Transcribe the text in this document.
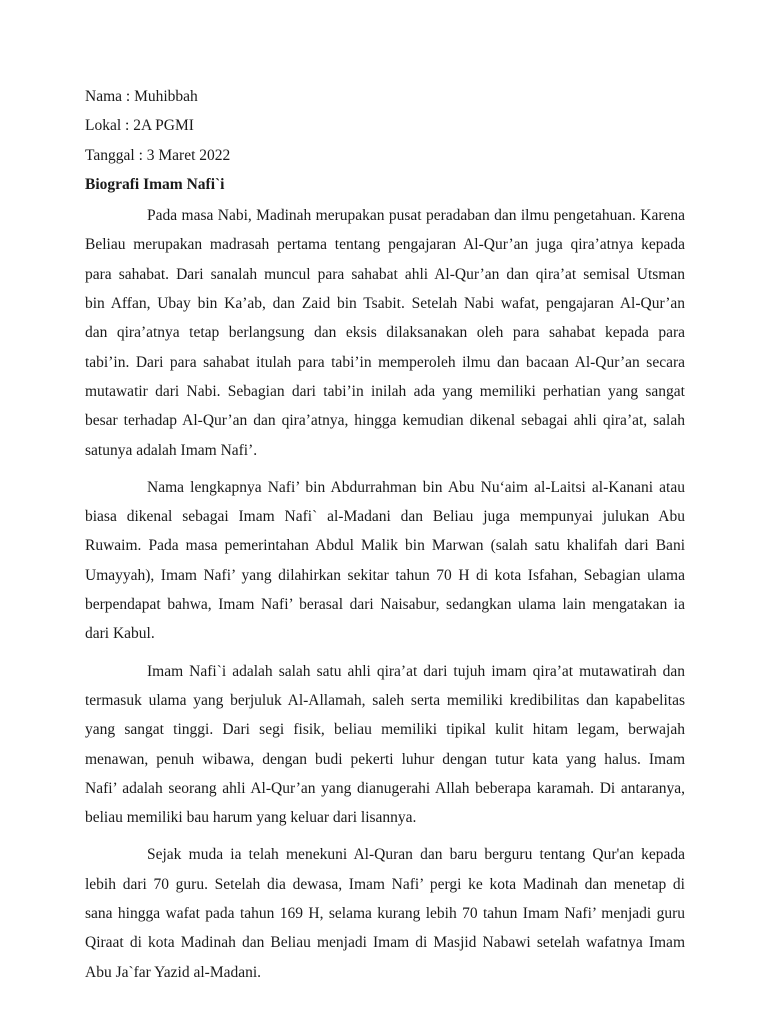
Nama : Muhibbah
Lokal : 2A PGMI
Tanggal : 3 Maret 2022
Biografi Imam Nafi`i
Pada masa Nabi, Madinah merupakan pusat peradaban dan ilmu pengetahuan. Karena
Beliau merupakan madrasah pertama tentang pengajaran Al-Qur’an juga qira’atnya kepada
para sahabat. Dari sanalah muncul para sahabat ahli Al-Qur’an dan qira’at semisal Utsman
bin Affan, Ubay bin Ka’ab, dan Zaid bin Tsabit. Setelah Nabi wafat, pengajaran Al-Qur’an
dan qira’atnya tetap berlangsung dan eksis dilaksanakan oleh para sahabat kepada para
tabi’in. Dari para sahabat itulah para tabi’in memperoleh ilmu dan bacaan Al-Qur’an secara
mutawatir dari Nabi. Sebagian dari tabi’in inilah ada yang memiliki perhatian yang sangat
besar terhadap Al-Qur’an dan qira’atnya, hingga kemudian dikenal sebagai ahli qira’at, salah
satunya adalah Imam Nafi’.
Nama lengkapnya Nafi’ bin Abdurrahman bin Abu Nu‘aim al-Laitsi al-Kanani atau
biasa dikenal sebagai Imam Nafi` al-Madani dan Beliau juga mempunyai julukan Abu
Ruwaim. Pada masa pemerintahan Abdul Malik bin Marwan (salah satu khalifah dari Bani
Umayyah), Imam Nafi’ yang dilahirkan sekitar tahun 70 H di kota Isfahan, Sebagian ulama
berpendapat bahwa, Imam Nafi’ berasal dari Naisabur, sedangkan ulama lain mengatakan ia
dari Kabul.
Imam Nafi`i adalah salah satu ahli qira’at dari tujuh imam qira’at mutawatirah dan
termasuk ulama yang berjuluk Al-Allamah, saleh serta memiliki kredibilitas dan kapabelitas
yang sangat tinggi. Dari segi fisik, beliau memiliki tipikal kulit hitam legam, berwajah
menawan, penuh wibawa, dengan budi pekerti luhur dengan tutur kata yang halus. Imam
Nafi’ adalah seorang ahli Al-Qur’an yang dianugerahi Allah beberapa karamah. Di antaranya,
beliau memiliki bau harum yang keluar dari lisannya.
Sejak muda ia telah menekuni Al-Quran dan baru berguru tentang Qur'an kepada
lebih dari 70 guru. Setelah dia dewasa, Imam Nafi’ pergi ke kota Madinah dan menetap di
sana hingga wafat pada tahun 169 H, selama kurang lebih 70 tahun Imam Nafi’ menjadi guru
Qiraat di kota Madinah dan Beliau menjadi Imam di Masjid Nabawi setelah wafatnya Imam
Abu Ja`far Yazid al-Madani.
